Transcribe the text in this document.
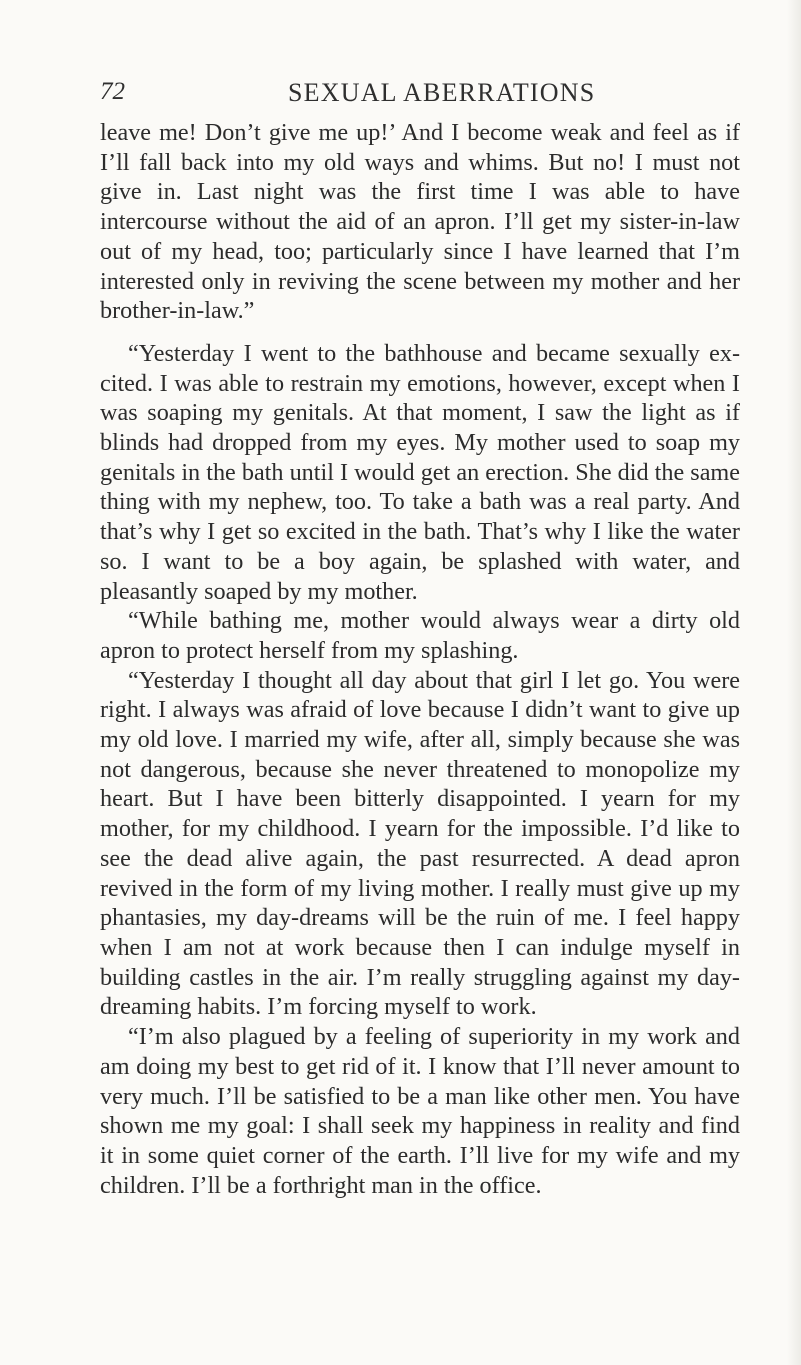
72	SEXUAL ABERRATIONS

leave me! Don’t give me up!’ And I become weak and feel as if I’ll fall back into my old ways and whims. But no! I must not give in. Last night was the first time I was able to have intercourse without the aid of an apron. I’ll get my sister-in-law out of my head, too; particularly since I have learned that I’m interested only in reviving the scene between my mother and her brother-in-law.”

“Yesterday I went to the bathhouse and became sexually excited. I was able to restrain my emotions, however, except when I was soaping my genitals. At that moment, I saw the light as if blinds had dropped from my eyes. My mother used to soap my genitals in the bath until I would get an erection. She did the same thing with my nephew, too. To take a bath was a real party. And that’s why I get so excited in the bath. That’s why I like the water so. I want to be a boy again, be splashed with water, and pleasantly soaped by my mother.

“While bathing me, mother would always wear a dirty old apron to protect herself from my splashing.

“Yesterday I thought all day about that girl I let go. You were right. I always was afraid of love because I didn’t want to give up my old love. I married my wife, after all, simply because she was not dangerous, because she never threatened to monopolize my heart. But I have been bitterly disappointed. I yearn for my mother, for my childhood. I yearn for the impossible. I’d like to see the dead alive again, the past resurrected. A dead apron revived in the form of my living mother. I really must give up my phantasies, my day-dreams will be the ruin of me. I feel happy when I am not at work because then I can indulge myself in building castles in the air. I’m really struggling against my day-dreaming habits. I’m forcing myself to work.

“I’m also plagued by a feeling of superiority in my work and am doing my best to get rid of it. I know that I’ll never amount to very much. I’ll be satisfied to be a man like other men. You have shown me my goal: I shall seek my happiness in reality and find it in some quiet corner of the earth. I’ll live for my wife and my children. I’ll be a forthright man in the office.
